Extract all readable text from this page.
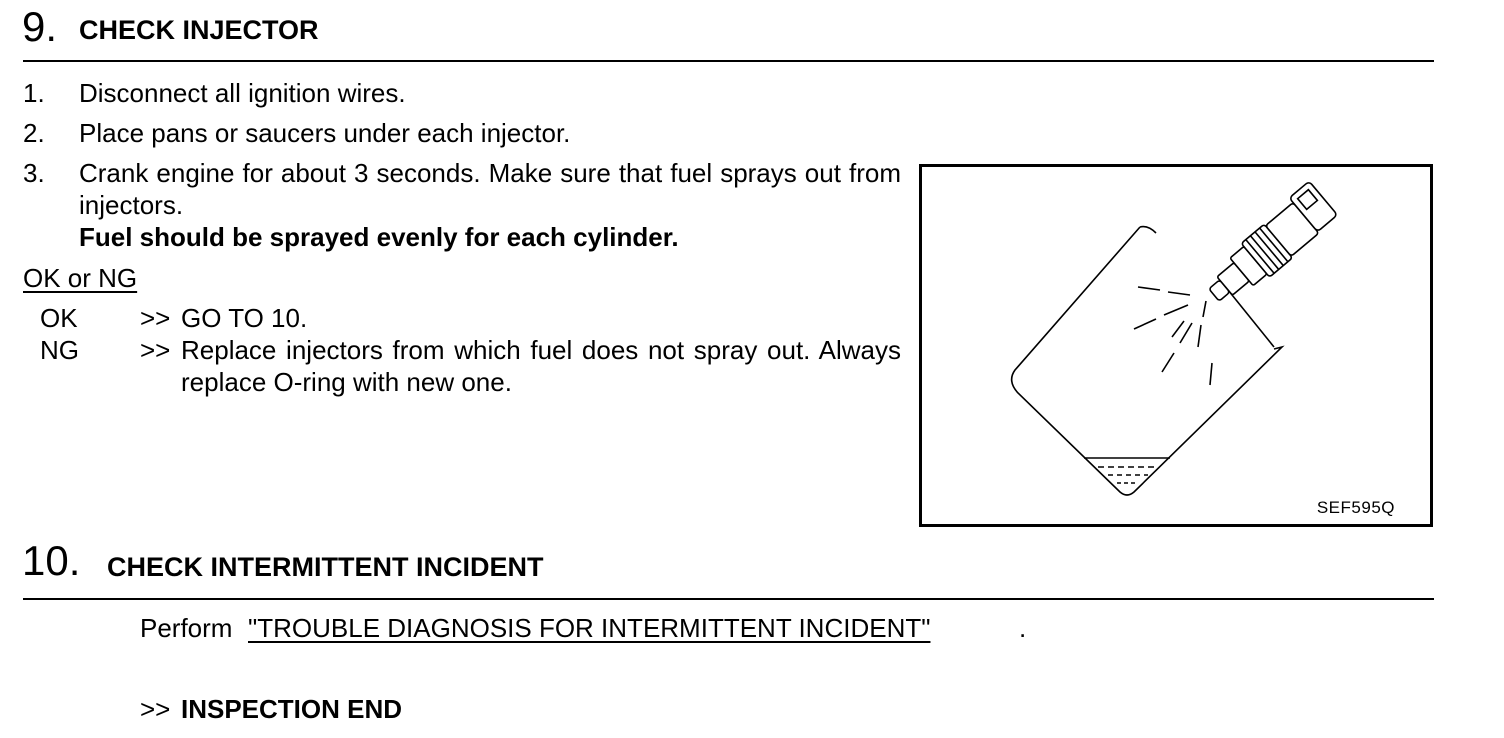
9. CHECK INJECTOR
1. Disconnect all ignition wires.
2. Place pans or saucers under each injector.
3. Crank engine for about 3 seconds. Make sure that fuel sprays out from injectors.
Fuel should be sprayed evenly for each cylinder.
OK or NG
OK >> GO TO 10.
NG >> Replace injectors from which fuel does not spray out. Always replace O-ring with new one.
SEF595Q
10. CHECK INTERMITTENT INCIDENT
Perform "TROUBLE DIAGNOSIS FOR INTERMITTENT INCIDENT"	.
>> INSPECTION END
